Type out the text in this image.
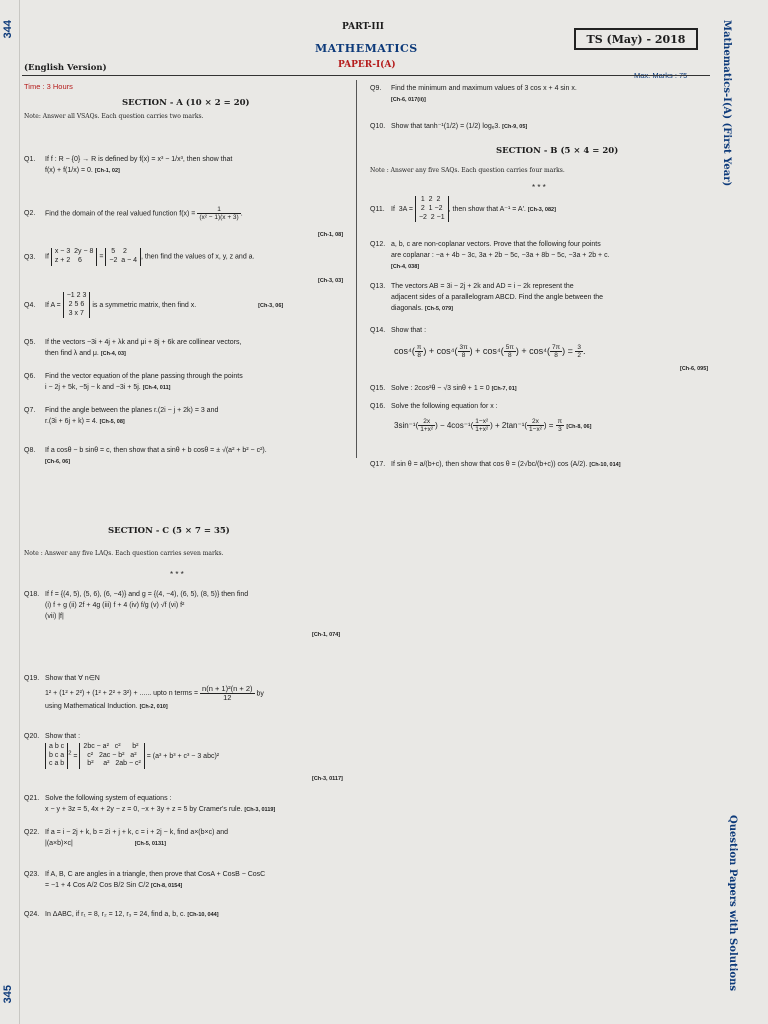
344
345
Mathematics-I(A) (First Year)
Question Papers with Solutions
PART-III
MATHEMATICS
PAPER-I(A)
TS (May) - 2018
(English Version)
Time : 3 Hours
SECTION - A (10 × 2 = 20)
Note: Answer all VSAQs. Each question carries two marks.
Q1. If f : R − {0} → R is defined by f(x) = x³ − 1/x³, then show that
f(x) + f(1/x) = 0. [Ch-1, 02]
Q2. Find the domain of the real valued function $f(x) = \frac{1}{\text{(x² − 1)(x + 3)}}$ .
[Ch-1, 08]
Q3. If x − 3  2y − 8
z + 2    6 =  5    2
−2  a − 4 , then find the values of x, y, z and a.
[Ch-3, 03]
Q4. If A = −1 2 3
2 5 6
3 x 7 is a symmetric matrix, then find x.	[Ch-3, 06]
Q5. If the vectors −3i + 4j + λk and μi + 8j + 6k are collinear vectors,
then find λ and μ. [Ch-4, 03]
Q6. Find the vector equation of the plane passing through the points
i − 2j + 5k, −5j − k and −3i + 5j. [Ch-4, 011]
Q7. Find the angle between the planes r.(2i − j + 2k) = 3 and
r.(3i + 6j + k) = 4. [Ch-5, 08]
Q8. If a cosθ − b sinθ = c, then show that a sinθ + b cosθ = ± √(a² + b² − c²).
[Ch-6, 06]
Q9. Find the minimum and maximum values of 3 cos x + 4 sin x.
[Ch-6, 017(ii)]
Q10. Show that tanh⁻¹(1/2) = (1/2) logₑ3. [Ch-9, 05]
SECTION - B (5 × 4 = 20)
Note : Answer any five SAQs. Each question carries four marks.
* * *
Q11. If  3A =  1  2  2
2  1 −2
−2  2 −1, then show that A⁻¹ = A′. [Ch-3, 082]
Q12. a, b, c are non-coplanar vectors. Prove that the following four points
are coplanar : −a + 4b − 3c, 3a + 2b − 5c, −3a + 8b − 5c, −3a + 2b + c.
[Ch-4, 038]
Q13. The vectors AB = 3i − 2j + 2k and AD = i − 2k represent the
adjacent sides of a parallelogram ABCD. Find the angle between the
diagonals. [Ch-5, 079]
Q14. Show that :
$\cos^4( \frac{\pi}{8}$ ) + $\cos^4( \frac{3\pi}{8}$ ) + $\cos^4( \frac{5\pi}{8}$ ) + $\cos^4( \frac{7\pi}{8}$ ) = $\frac{3}{2}$ .
[Ch-6, 095]
Q15. Solve : 2cos²θ − √3 sinθ + 1 = 0 [Ch-7, 01]
Q16. Solve the following equation for x :
$3\sin^{-1}( \frac{2x}{\text{1+x²}}$ ) − $4\cos^{-1}( \frac{\text{1−x²}}{\text{1+x²}}$ ) + $2\tan^{-1}( \frac{2x}{\text{1−x²}}$ ) = $\frac{\pi}{3} [Ch-8$, 06]
Q17. If sin θ = a/(b+c), then show that cos θ = (2√bc/(b+c)) cos (A/2). [Ch-10, 014]
SECTION - C (5 × 7 = 35)
Note : Answer any five LAQs. Each question carries seven marks.
* * *
Q18. If f = {(4, 5), (5, 6), (6, −4)} and g = {(4, −4), (6, 5), (8, 5)} then find
(i) f + g (ii) 2f + 4g (iii) f + 4 (iv) f/g (v) √f (vi) f²
(vii) |f|
[Ch-1, 074]
Q19. Show that ∀ n∈N
1² + (1² + 2²) + (1² + 2² + 3²) + ...... upto n terms = $\frac{\text{n(n + 1)²(n + 2)}}{12}$ by
using Mathematical Induction. [Ch-2, 010]
Q20. Show that :
a b c
b c a
c a $b^2 = 2bc - a^2$   c²      b²
c²   2ac − b²   a²
b²     a²   2ab − c² = (a³ + b³ + c³ − 3 abc)²
[Ch-3, 0117]
Q21. Solve the following system of equations :
x − y + 3z = 5, 4x + 2y − z = 0, −x + 3y + z = 5 by Cramer's rule. [Ch-3, 0119]
Q22. If a = i − 2j + k, b = 2i + j + k, c = i + 2j − k, find a×(b×c) and
|(a×b)×c|	[Ch-5, 0131]
Q23. If A, B, C are angles in a triangle, then prove that CosA + CosB − CosC
= −1 + 4 Cos A/2 Cos B/2 Sin C/2 [Ch-8, 0154]
Q24. In ΔABC, if r₁ = 8, r₂ = 12, r₃ = 24, find a, b, c. [Ch-10, 044]
